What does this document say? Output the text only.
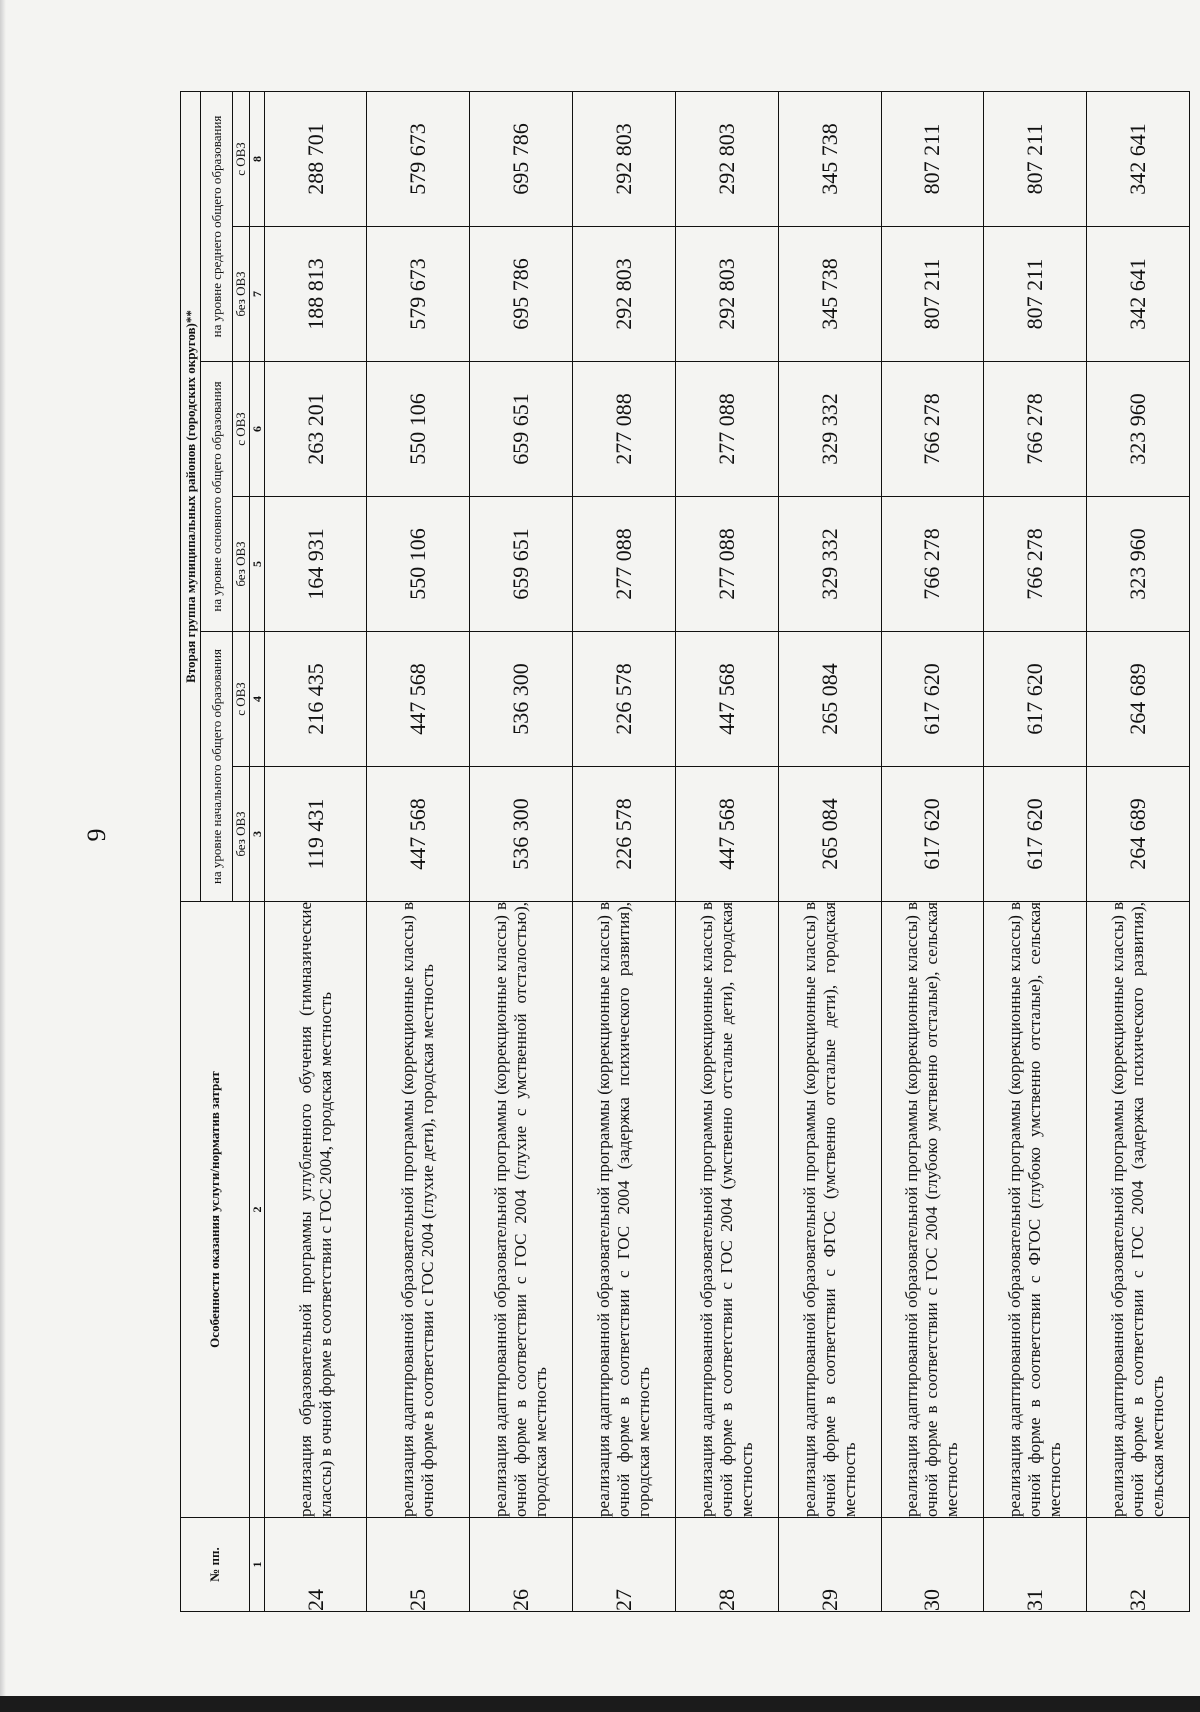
9
№ пп.	Особенности оказания услуги/норматив затрат	Вторая группа муниципальных районов (городских округов)**					
		на уровне начального общего образования		на уровне основного общего образования		на уровне среднего общего образования	
		без ОВЗ	с ОВЗ	без ОВЗ	с ОВЗ	без ОВЗ	с ОВЗ
1	2	3	4	5	6	7	8
24	реализация образовательной программы углубленного обучения (гимназические классы) в очной форме в соответствии с ГОС 2004, городская местность	119 431	216 435	164 931	263 201	188 813	288 701
25	реализация адаптированной образовательной программы (коррекционные классы) в очной форме в соответствии с ГОС 2004 (глухие дети), городская местность	447 568	447 568	550 106	550 106	579 673	579 673
26	реализация адаптированной образовательной программы (коррекционные классы) в очной форме в соответствии с ГОС 2004 (глухие с умственной отсталостью), городская местность	536 300	536 300	659 651	659 651	695 786	695 786
27	реализация адаптированной образовательной программы (коррекционные классы) в очной форме в соответствии с ГОС 2004 (задержка психического развития), городская местность	226 578	226 578	277 088	277 088	292 803	292 803
28	реализация адаптированной образовательной программы (коррекционные классы) в очной форме в соответствии с ГОС 2004 (умственно отсталые дети), городская местность	447 568	447 568	277 088	277 088	292 803	292 803
29	реализация адаптированной образовательной программы (коррекционные классы) в очной форме в соответствии с ФГОС (умственно отсталые дети), городская местность	265 084	265 084	329 332	329 332	345 738	345 738
30	реализация адаптированной образовательной программы (коррекционные классы) в очной форме в соответствии с ГОС 2004 (глубоко умственно отсталые), сельская местность	617 620	617 620	766 278	766 278	807 211	807 211
31	реализация адаптированной образовательной программы (коррекционные классы) в очной форме в соответствии с ФГОС (глубоко умственно отсталые), сельская местность	617 620	617 620	766 278	766 278	807 211	807 211
32	реализация адаптированной образовательной программы (коррекционные классы) в очной форме в соответствии с ГОС 2004 (задержка психического развития), сельская местность	264 689	264 689	323 960	323 960	342 641	342 641
